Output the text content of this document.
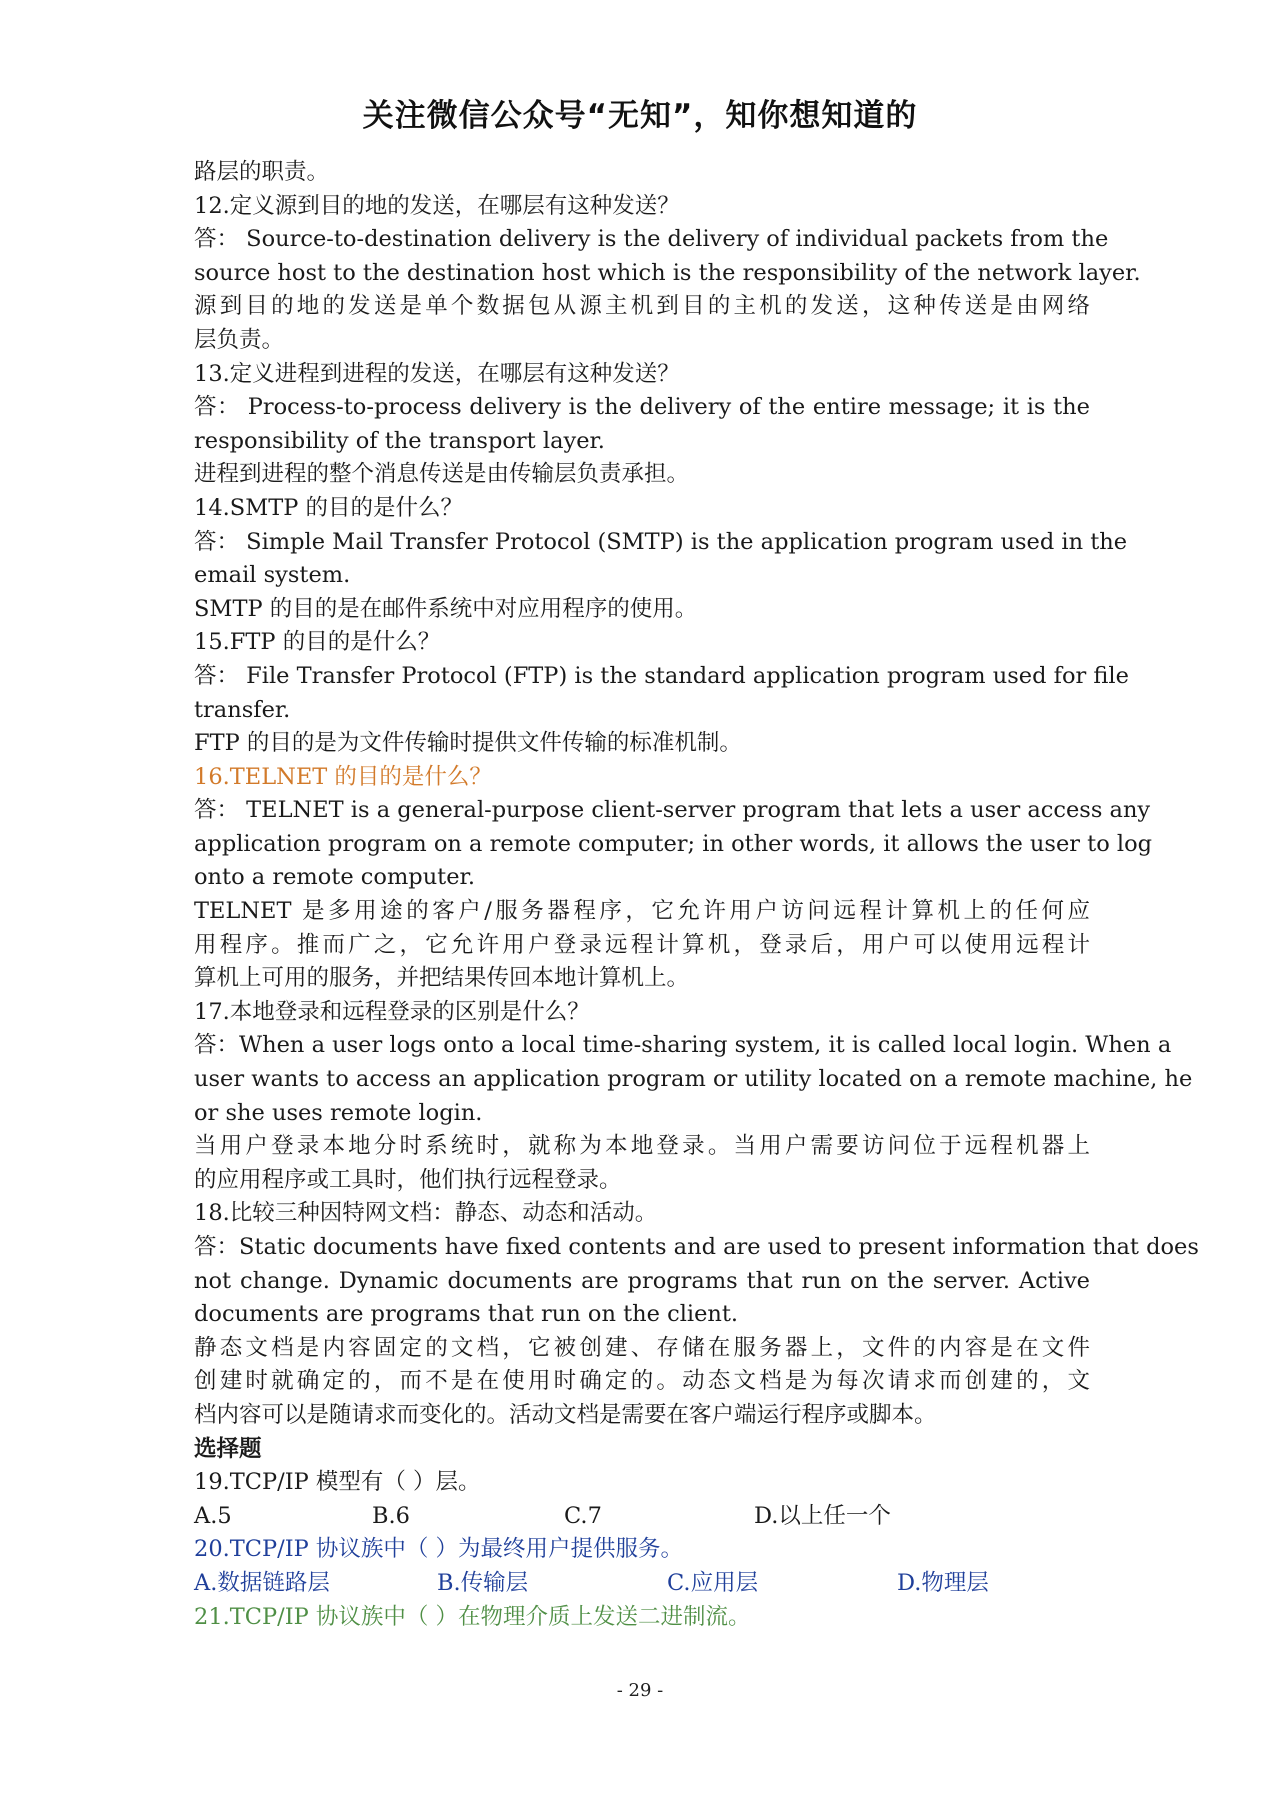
关注微信公众号“无知”，知你想知道的
路层的职责。
12.定义源到目的地的发送，在哪层有这种发送？
答： Source-to-destination delivery is the delivery of individual packets from the
source host to the destination host which is the responsibility of the network layer.
源到目的地的发送是单个数据包从源主机到目的主机的发送，这种传送是由网络
层负责。
13.定义进程到进程的发送，在哪层有这种发送？
答： Process-to-process delivery is the delivery of the entire message; it is the
responsibility of the transport layer.
进程到进程的整个消息传送是由传输层负责承担。
14.SMTP 的目的是什么？
答： Simple Mail Transfer Protocol (SMTP) is the application program used in the
email system.
SMTP 的目的是在邮件系统中对应用程序的使用。
15.FTP 的目的是什么？
答： File Transfer Protocol (FTP) is the standard application program used for file
transfer.
FTP 的目的是为文件传输时提供文件传输的标准机制。
16.TELNET 的目的是什么？
答： TELNET is a general-purpose client-server program that lets a user access any
application program on a remote computer; in other words, it allows the user to log
onto a remote computer.
TELNET 是多用途的客户/服务器程序，它允许用户访问远程计算机上的任何应
用程序。推而广之，它允许用户登录远程计算机，登录后，用户可以使用远程计
算机上可用的服务，并把结果传回本地计算机上。
17.本地登录和远程登录的区别是什么？
答：When a user logs onto a local time-sharing system, it is called local login. When a
user wants to access an application program or utility located on a remote machine, he
or she uses remote login.
当用户登录本地分时系统时，就称为本地登录。当用户需要访问位于远程机器上
的应用程序或工具时，他们执行远程登录。
18.比较三种因特网文档：静态、动态和活动。
答：Static documents have fixed contents and are used to present information that does
not change. Dynamic documents are programs that run on the server. Active
documents are programs that run on the client.
静态文档是内容固定的文档，它被创建、存储在服务器上，文件的内容是在文件
创建时就确定的，而不是在使用时确定的。动态文档是为每次请求而创建的，文
档内容可以是随请求而变化的。活动文档是需要在客户端运行程序或脚本。
选择题
19.TCP/IP 模型有（ ）层。
A.5	B.6	C.7	D.以上任一个
20.TCP/IP 协议族中（ ）为最终用户提供服务。
A.数据链路层	B.传输层	C.应用层	D.物理层
21.TCP/IP 协议族中（ ）在物理介质上发送二进制流。
- 29 -
